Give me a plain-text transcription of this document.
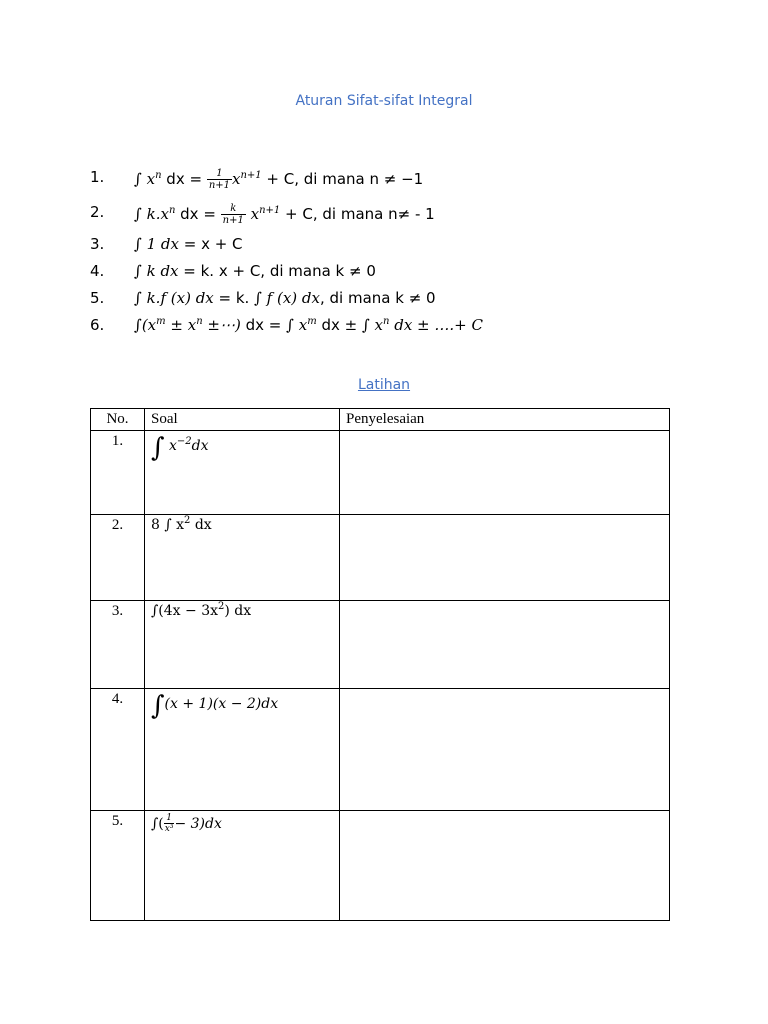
Aturan Sifat-sifat Integral
1. ∫ $x^n$ dx = $\frac{1}{n+1} x^{n+1} + C$, di mana n ≠ −1
2. ∫ $k.x^n$ dx = $\frac{k}{n+1} x^{n+1} + C$, di mana n≠ - 1
3. ∫ 1 dx = x + C
4. ∫ k dx = k. x + C, di mana k ≠ 0
5. ∫ k.f (x) dx = k. ∫ f (x) dx, di mana k ≠ 0
6. $\int(x^m \pm x^n$ ±⋯) dx = ∫ $x^m$ dx ± ∫ $x^n$ dx ± ….+ C
Latihan
No.	Soal	Penyelesaian
1.	∫ $x^{-2}dx$	
2.	8 ∫ $x^2$ dx	
3.	$\int(4x - 3x^2)$ dx	
4.	∫(x + 1)(x − 2)dx	
5.	∫( $\frac{1}{\text{x³}} - 3)dx$	
